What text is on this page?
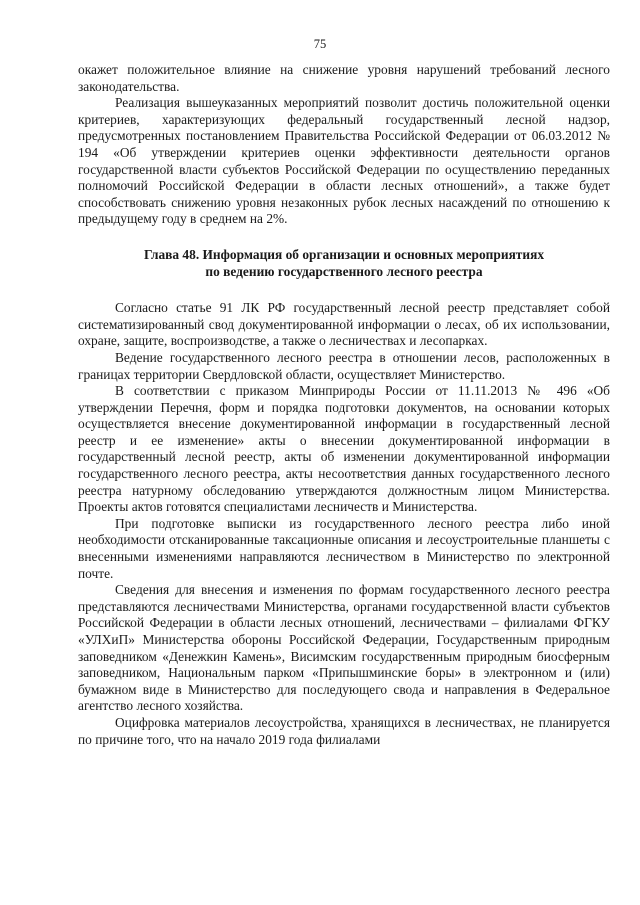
75

окажет положительное влияние на снижение уровня нарушений требований лесного законодательства.

Реализация вышеуказанных мероприятий позволит достичь положительной оценки критериев, характеризующих федеральный государственный лесной надзор, предусмотренных постановлением Правительства Российской Федерации от 06.03.2012 № 194 «Об утверждении критериев оценки эффективности деятельности органов государственной власти субъектов Российской Федерации по осуществлению переданных полномочий Российской Федерации в области лесных отношений», а также будет способствовать снижению уровня незаконных рубок лесных насаждений по отношению к предыдущему году в среднем на 2%.

Глава 48. Информация об организации и основных мероприятиях
по ведению государственного лесного реестра

Согласно статье 91 ЛК РФ государственный лесной реестр представляет собой систематизированный свод документированной информации о лесах, об их использовании, охране, защите, воспроизводстве, а также о лесничествах и лесопарках.

Ведение государственного лесного реестра в отношении лесов, расположенных в границах территории Свердловской области, осуществляет Министерство.

В соответствии с приказом Минприроды России от 11.11.2013 № 496 «Об утверждении Перечня, форм и порядка подготовки документов, на основании которых осуществляется внесение документированной информации в государственный лесной реестр и ее изменение» акты о внесении документированной информации в государственный лесной реестр, акты об изменении документированной информации государственного лесного реестра, акты несоответствия данных государственного лесного реестра натурному обследованию утверждаются должностным лицом Министерства. Проекты актов готовятся специалистами лесничеств и Министерства.

При подготовке выписки из государственного лесного реестра либо иной необходимости отсканированные таксационные описания и лесоустроительные планшеты с внесенными изменениями направляются лесничеством в Министерство по электронной почте.

Сведения для внесения и изменения по формам государственного лесного реестра представляются лесничествами Министерства, органами государственной власти субъектов Российской Федерации в области лесных отношений, лесничествами – филиалами ФГКУ «УЛХиП» Министерства обороны Российской Федерации, Государственным природным заповедником «Денежкин Камень», Висимским государственным природным биосферным заповедником, Национальным парком «Припышминские боры» в электронном и (или) бумажном виде в Министерство для последующего свода и направления в Федеральное агентство лесного хозяйства.

Оцифровка материалов лесоустройства, хранящихся в лесничествах, не планируется по причине того, что на начало 2019 года филиалами
